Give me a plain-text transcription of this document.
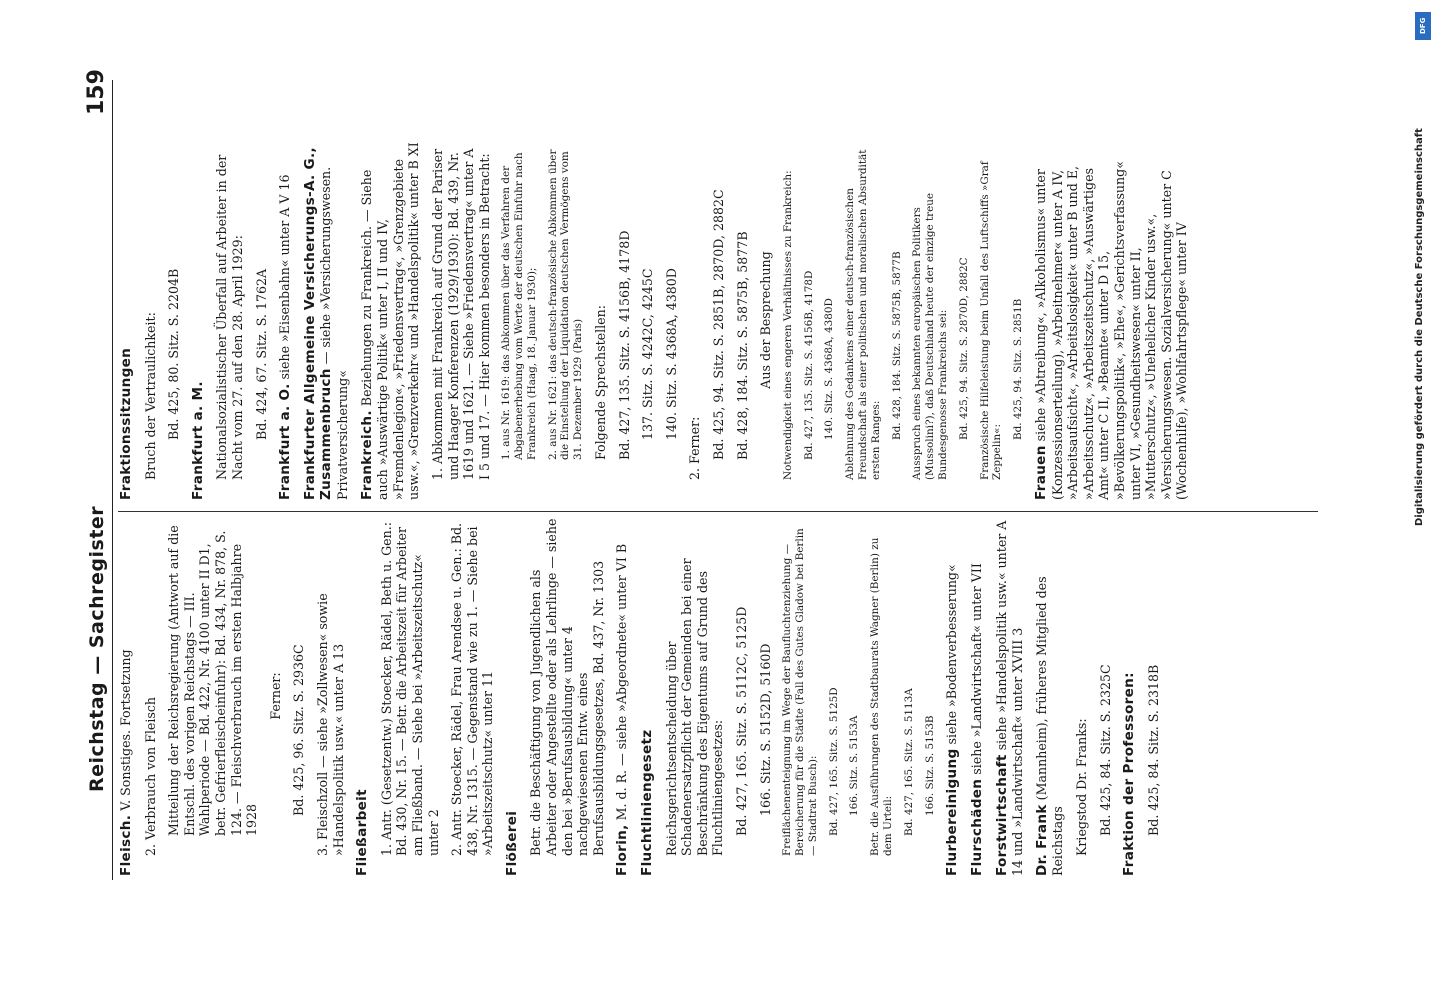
Reichstag — Sachregister
159

Fleisch. V. Sonstiges. Fortsetzung 2. Verbrauch von Fleisch Mitteilung der Reichsregierung (Antwort auf die Entschl. des vorigen Reichstags — III. Wahlperiode — Bd. 422, Nr. 4100 unter II D1, betr. Gefrierfleischeinfuhr): Bd. 434, Nr. 878, S. 124. — Fleischverbrauch im ersten Halbjahre 1928

Ferner: Bd. 425, 96. Sitz. S. 2936C 3. Fleischzoll — siehe »Zollwesen« sowie »Handelspolitik usw.« unter A 13 Fließarbeit 1. Antr. (Gesetzentw.) Stoecker, Rädel, Beth u. Gen.: Bd. 430, Nr. 15. — Betr. die Arbeitszeit für Arbeiter am Fließband. — Siehe bei »Arbeitszeitschutz« unter 2 2. Antr. Stoecker, Rädel, Frau Arendsee u. Gen.: Bd. 438, Nr. 1315. — Gegenstand wie zu 1. — Siehe bei »Arbeitszeitschutz« unter 11 Flößerei Betr. die Beschäftigung von Jugendlichen als Arbeiter oder Angestellte oder als Lehrlinge — siehe den bei »Berufsausbildung« unter 4 nachgewiesenen Entw. eines Berufsausbildungsgesetzes, Bd. 437, Nr. 1303 Florin, M. d. R. — siehe »Abgeordnete« unter VI B Fluchtliniengesetz Reichsgerichtsentscheidung über Schadenersatzpflicht der Gemeinden bei einer Beschränkung des Eigentums auf Grund des Fluchtliniengesetzes: Bd. 427, 165. Sitz. S. 5112C, 5125D 166. Sitz. S. 5152D, 5160D Freiflächenenteignung im Wege der Baufluchtenziehung — Bereicherung für die Städte (Fall des Gutes Gladow bei Berlin — Stadtrat Busch): Bd. 427, 165. Sitz. S. 5125D 166. Sitz. S. 5153A Betr. die Ausführungen des Stadtbaurats Wagner (Berlin) zu dem Urteil: Bd. 427, 165. Sitz. S. 5113A 166. Sitz. S. 5153B Flurbereinigung siehe »Bodenverbesserung«

Flurschäden siehe »Landwirtschaft« unter VII

Forstwirtschaft siehe »Handelspolitik usw.« unter A 14 und »Landwirtschaft« unter XVIII 3 Dr. Frank (Mannheim), früheres Mitglied des Reichstags Kriegstod Dr. Franks: Bd. 425, 84. Sitz. S. 2325C Fraktion der Professoren: Bd. 425, 84. Sitz. S. 2318B

Fraktionssitzungen Bruch der Vertraulichkeit: Bd. 425, 80. Sitz. S. 2204B

Frankfurt a. M. Nationalsozialistischer Überfall auf Arbeiter in der Nacht vom 27. auf den 28. April 1929: Bd. 424, 67. Sitz. S. 1762A

Frankfurt a. O. siehe »Eisenbahn« unter A V 16 Frankfurter Allgemeine Versicherungs-A. G., Zusammenbruch — siehe »Versicherungswesen. Privatversicherung« Frankreich. Beziehungen zu Frankreich. — Siehe auch »Auswärtige Politik« unter I, II und IV, »Fremdenlegion«, »Friedensvertrag«, »Grenzgebiete usw.«, »Grenzverkehr« und »Handelspolitik« unter B XI 1. Abkommen mit Frankreich auf Grund der Pariser und Haager Konferenzen (1929/1930): Bd. 439, Nr. 1619 und 1621. — Siehe »Friedensvertrag« unter A I 5 und 17. — Hier kommen besonders in Betracht: 1. aus Nr. 1619: das Abkommen über das Verfahren der Abgabenerhebung vom Werte der deutschen Einfuhr nach Frankreich (Haag, 18. Januar 1930); 2. aus Nr. 1621: das deutsch-französische Abkommen über die Einstellung der Liquidation deutschen Vermögens vom 31. Dezember 1929 (Paris) Folgende Sprechstellen: Bd. 427, 135. Sitz. S. 4156B, 4178D 137. Sitz. S. 4242C, 4245C 140. Sitz. S. 4368A, 4380D

2. Ferner: Bd. 425, 94. Sitz. S. 2851B, 2870D, 2882C Bd. 428, 184. Sitz. S. 5875B, 5877B Aus der Besprechung Notwendigkeit eines engeren Verhältnisses zu Frankreich: Bd. 427, 135. Sitz. S. 4156B, 4178D 140. Sitz. S. 4368A, 4380D Ablehnung des Gedankens einer deutsch-französischen Freundschaft als einer politischen und moralischen Absurdität ersten Ranges:

Bd. 428, 184. Sitz. S. 5875B, 5877B Ausspruch eines bekannten europäischen Politikers (Mussolini?), daß Deutschland heute der einzige treue Bundesgenosse Frankreichs sei: Bd. 425, 94. Sitz. S. 2870D, 2882C Französische Hilfeleistung beim Unfall des Luftschiffs »Graf Zeppelin«:

Bd. 425, 94. Sitz. S. 2851B

Frauen siehe »Abtreibung«, »Alkoholismus« unter (Konzessionserteilung), »Arbeitnehmer« unter A IV, »Arbeitsaufsicht«, »Arbeitslosigkeit« unter B und E, »Arbeitsschutz«, »Arbeitszeitschutz«, »Auswärtiges Amt« unter C II, »Beamte« unter D 15, »Bevölkerungspolitik«, »Ehe«, »Gerichtsverfassung« unter VI, »Gesundheitswesen« unter II, »Mutterschutz«, »Unehelicher Kinder usw.«, »Versicherungswesen. Sozialversicherung« unter C (Wochenhilfe), »Wohlfahrtspflege« unter IV

DFG
Digitalisierung gefördert durch die Deutsche Forschungsgemeinschaft
